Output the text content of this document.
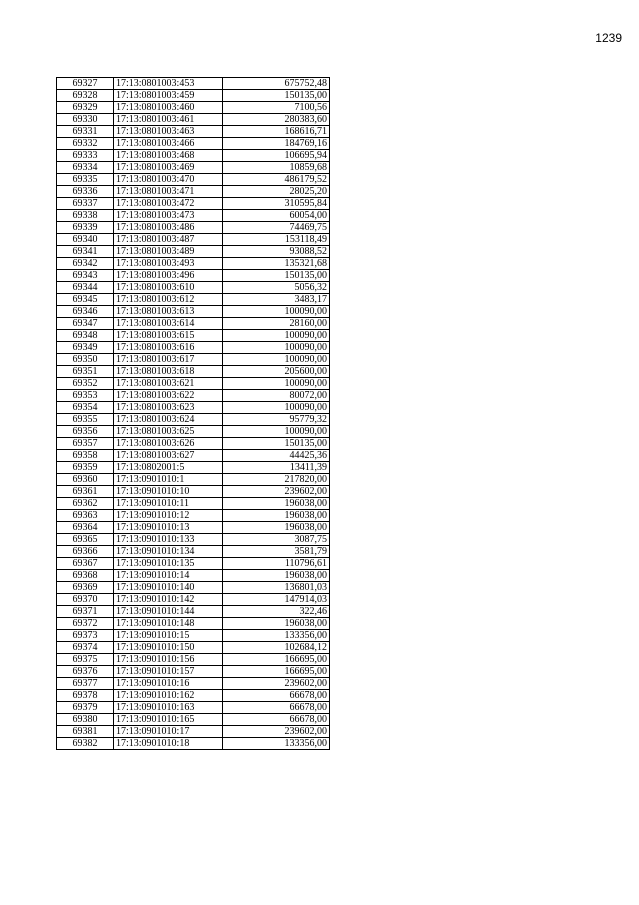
1239
69327	17:13:0801003:453	675752,48
69328	17:13:0801003:459	150135,00
69329	17:13:0801003:460	7100,56
69330	17:13:0801003:461	280383,60
69331	17:13:0801003:463	168616,71
69332	17:13:0801003:466	184769,16
69333	17:13:0801003:468	106695,94
69334	17:13:0801003:469	10859,68
69335	17:13:0801003:470	486179,52
69336	17:13:0801003:471	28025,20
69337	17:13:0801003:472	310595,84
69338	17:13:0801003:473	60054,00
69339	17:13:0801003:486	74469,75
69340	17:13:0801003:487	153118,49
69341	17:13:0801003:489	93088,52
69342	17:13:0801003:493	135321,68
69343	17:13:0801003:496	150135,00
69344	17:13:0801003:610	5056,32
69345	17:13:0801003:612	3483,17
69346	17:13:0801003:613	100090,00
69347	17:13:0801003:614	28160,00
69348	17:13:0801003:615	100090,00
69349	17:13:0801003:616	100090,00
69350	17:13:0801003:617	100090,00
69351	17:13:0801003:618	205600,00
69352	17:13:0801003:621	100090,00
69353	17:13:0801003:622	80072,00
69354	17:13:0801003:623	100090,00
69355	17:13:0801003:624	95779,32
69356	17:13:0801003:625	100090,00
69357	17:13:0801003:626	150135,00
69358	17:13:0801003:627	44425,36
69359	17:13:0802001:5	13411,39
69360	17:13:0901010:1	217820,00
69361	17:13:0901010:10	239602,00
69362	17:13:0901010:11	196038,00
69363	17:13:0901010:12	196038,00
69364	17:13:0901010:13	196038,00
69365	17:13:0901010:133	3087,75
69366	17:13:0901010:134	3581,79
69367	17:13:0901010:135	110796,61
69368	17:13:0901010:14	196038,00
69369	17:13:0901010:140	136801,03
69370	17:13:0901010:142	147914,03
69371	17:13:0901010:144	322,46
69372	17:13:0901010:148	196038,00
69373	17:13:0901010:15	133356,00
69374	17:13:0901010:150	102684,12
69375	17:13:0901010:156	166695,00
69376	17:13:0901010:157	166695,00
69377	17:13:0901010:16	239602,00
69378	17:13:0901010:162	66678,00
69379	17:13:0901010:163	66678,00
69380	17:13:0901010:165	66678,00
69381	17:13:0901010:17	239602,00
69382	17:13:0901010:18	133356,00
